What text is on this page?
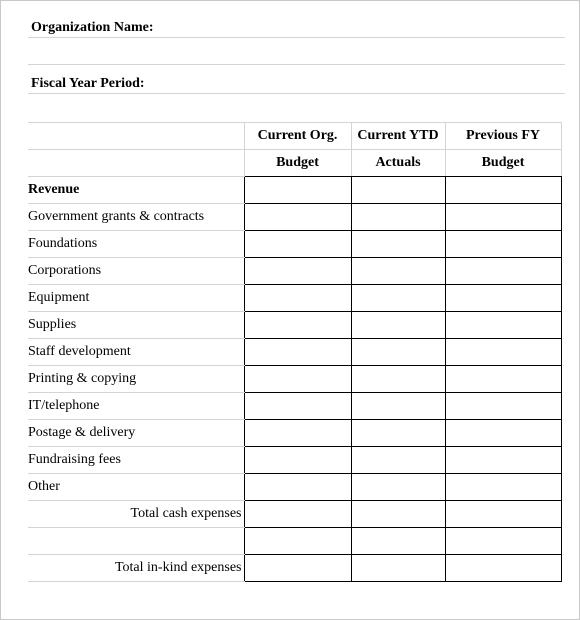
Organization Name:
Fiscal Year Period:
	Current Org.	Current YTD	Previous FY
	Budget	Actuals	Budget
Revenue			
Government grants & contracts			
Foundations			
Corporations			
Equipment			
Supplies			
Staff development			
Printing & copying			
IT/telephone			
Postage & delivery			
Fundraising fees			
Other			
Total cash expenses			

Total in-kind expenses			
